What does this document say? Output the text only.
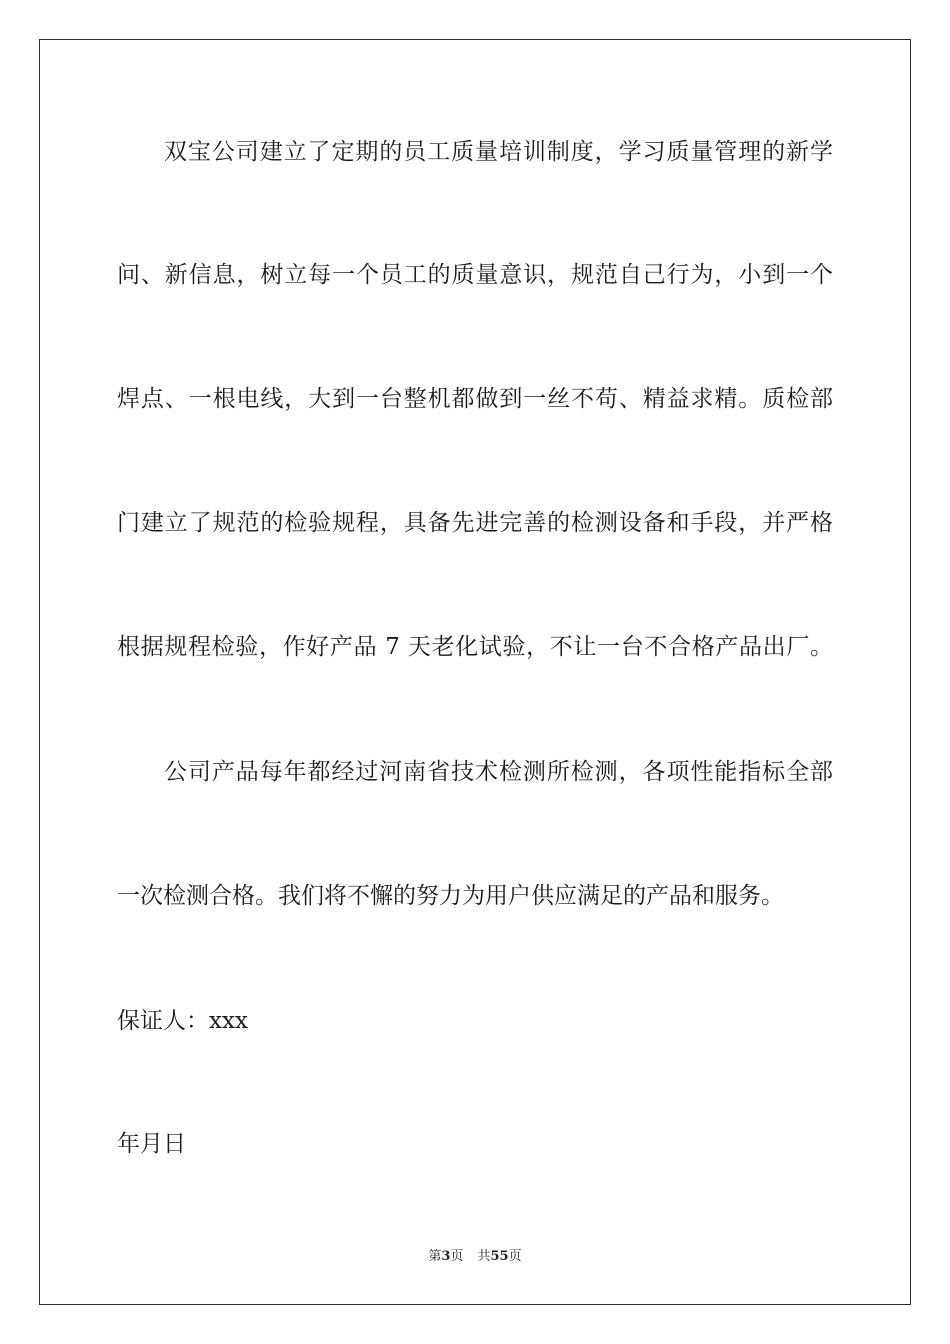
双宝公司建立了定期的员工质量培训制度，学习质量管理的新学
问、新信息，树立每一个员工的质量意识，规范自己行为，小到一个
焊点、一根电线，大到一台整机都做到一丝不苟、精益求精。质检部
门建立了规范的检验规程，具备先进完善的检测设备和手段，并严格
根据规程检验，作好产品 7 天老化试验，不让一台不合格产品出厂。
公司产品每年都经过河南省技术检测所检测，各项性能指标全部
一次检测合格。我们将不懈的努力为用户供应满足的产品和服务。
保证人：xxx
年月日
第3页 共55页
